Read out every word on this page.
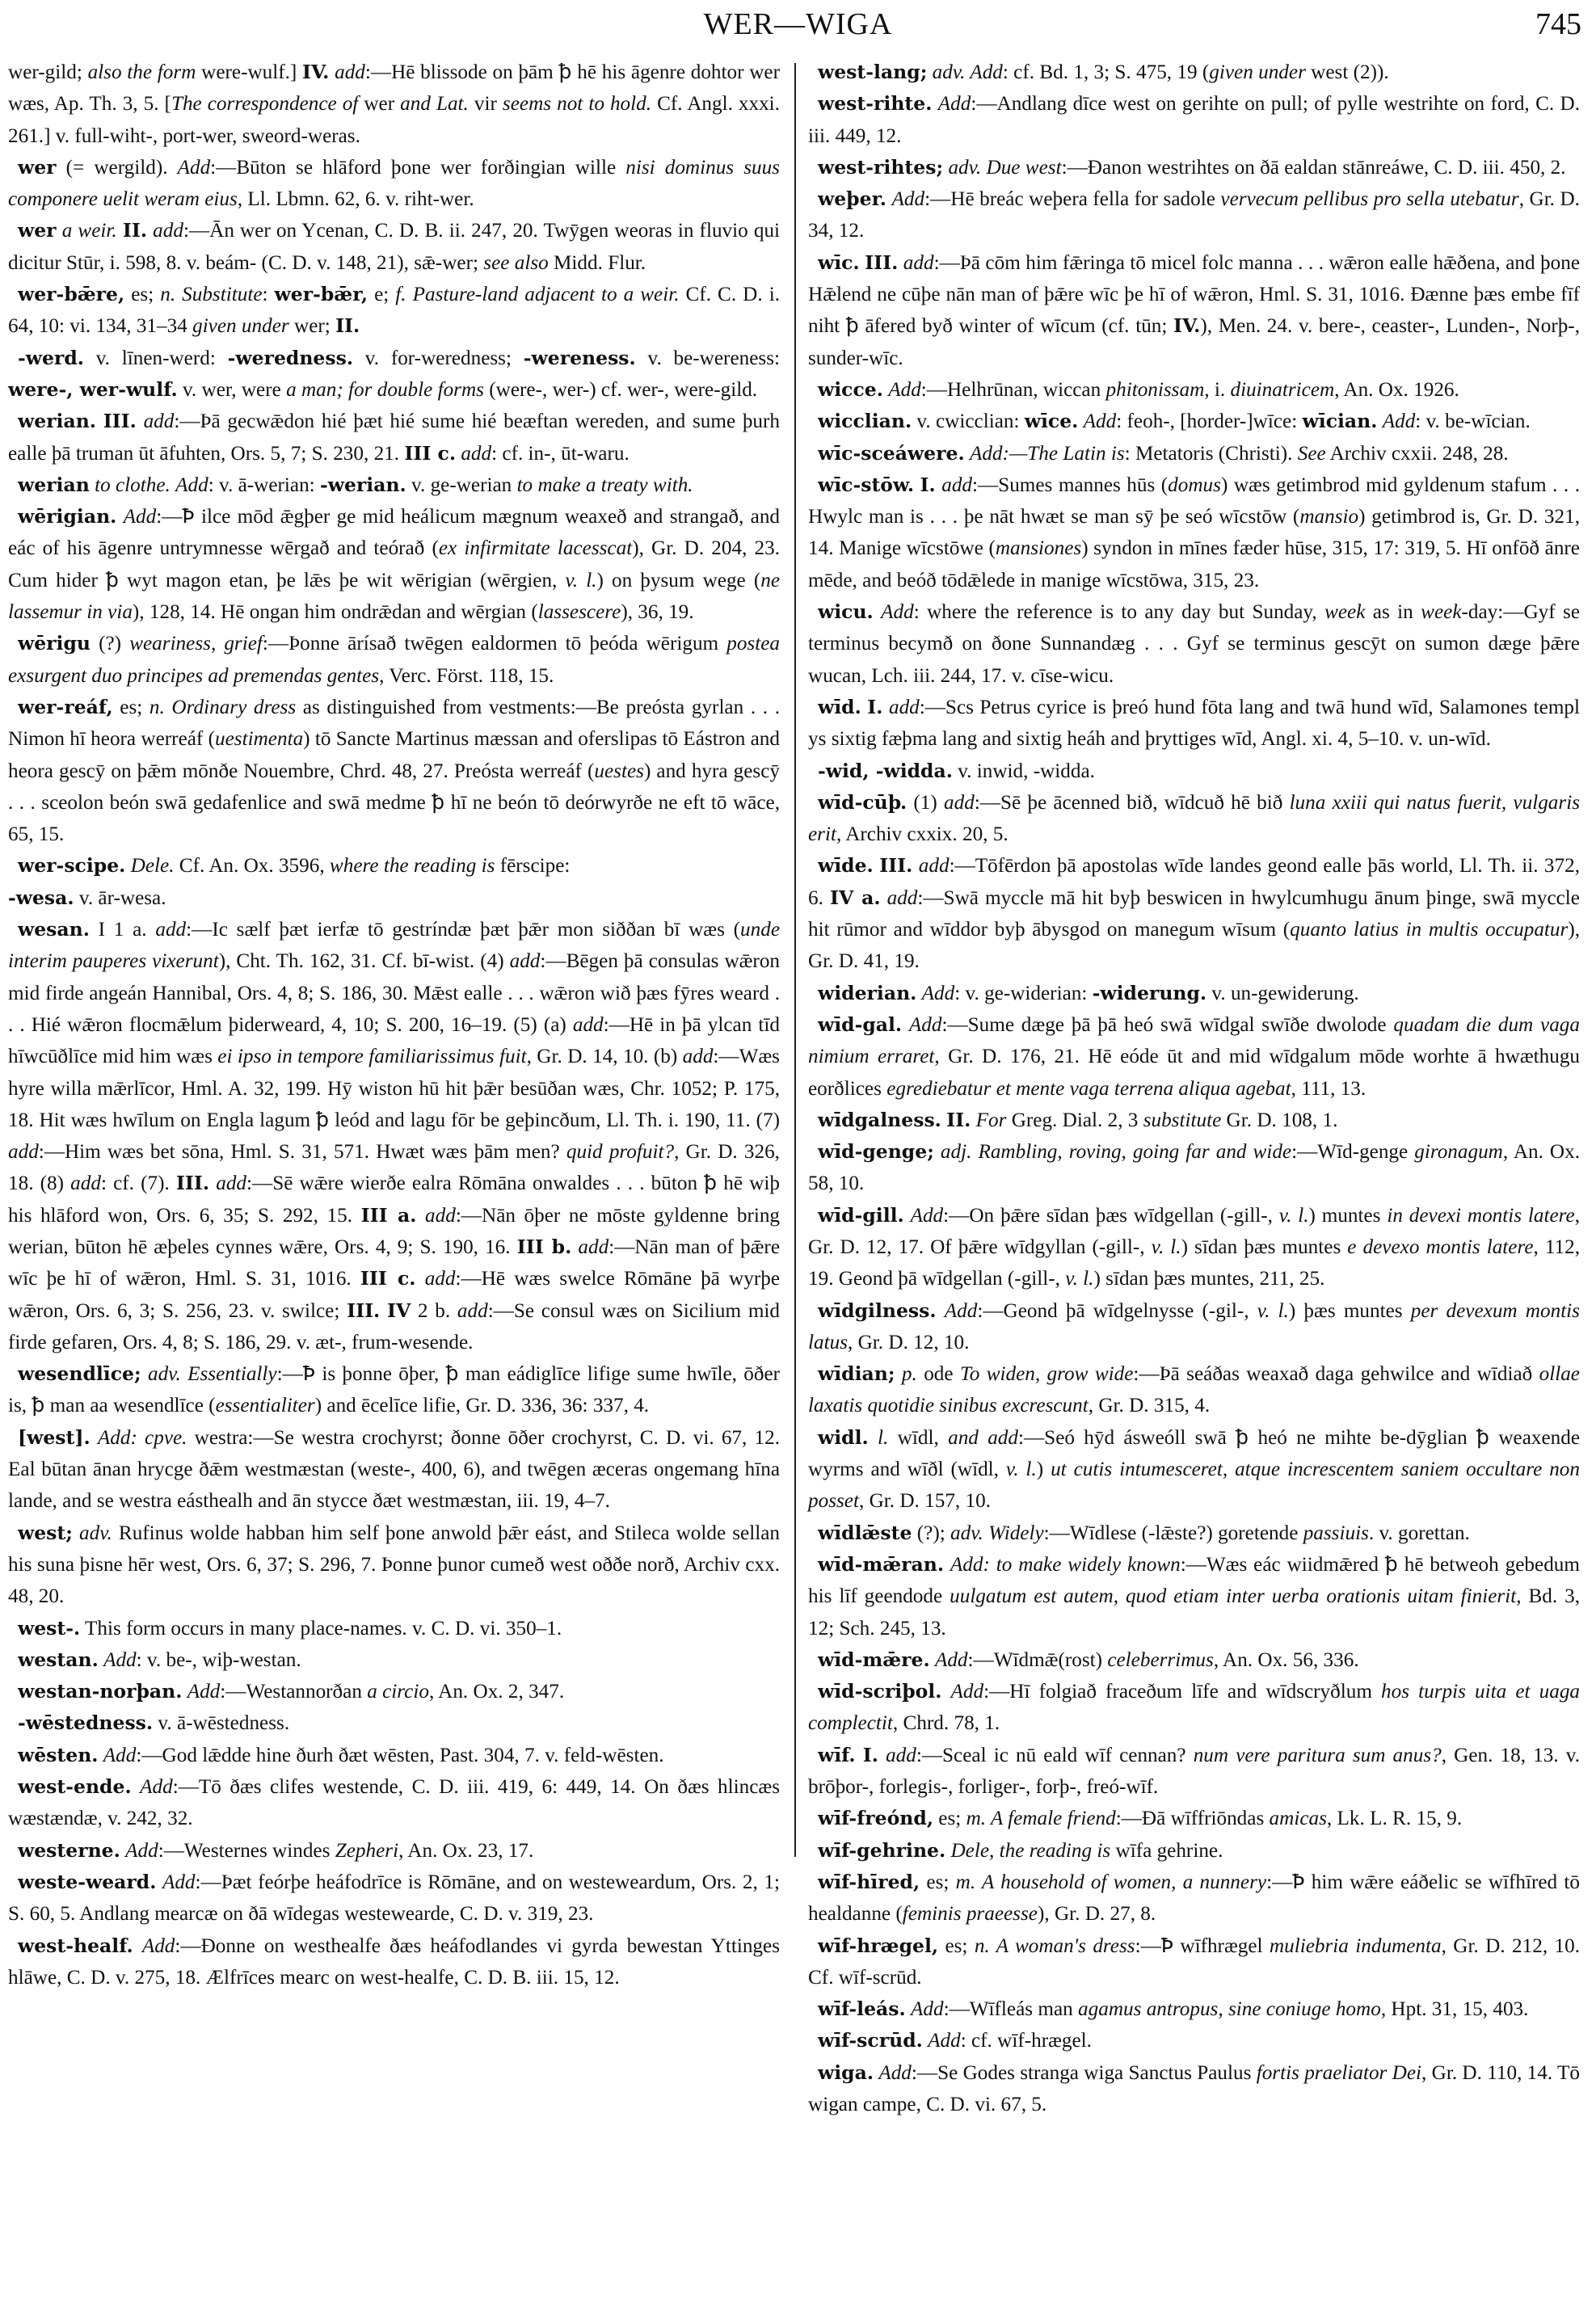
WER—WIGA	745

wer-gild; also the form were-wulf.] IV. add:—Hē blissode on þām ꝥ hē his āgenre dohtor wer wæs, Ap. Th. 3, 5. [The correspondence of wer and Lat. vir seems not to hold. Cf. Angl. xxxi. 261.] v. full-wiht-, port-wer, sweord-weras.

wer (= wergild). Add:—Būton se hlāford þone wer forðingian wille nisi dominus suus componere uelit weram eius, Ll. Lbmn. 62, 6. v. riht-wer.

wer a weir. II. add:—Ān wer on Ycenan, C. D. B. ii. 247, 20. Twȳgen weoras in fluvio qui dicitur Stūr, i. 598, 8. v. beám- (C. D. v. 148, 21), sǣ-wer; see also Midd. Flur.

wer-bǣre, es; n. Substitute: wer-bǣr, e; f. Pasture-land adjacent to a weir. Cf. C. D. i. 64, 10: vi. 134, 31–34 given under wer; II.

-werd. v. līnen-werd: -weredness. v. for-weredness; -wereness. v. be-wereness: were-, wer-wulf. v. wer, were a man; for double forms (were-, wer-) cf. wer-, were-gild.

werian. III. add:—Þā gecwǣdon hié þæt hié sume hié beæftan wereden, and sume þurh ealle þā truman ūt āfuhten, Ors. 5, 7; S. 230, 21. III c. add: cf. in-, ūt-waru.

werian to clothe. Add: v. ā-werian: -werian. v. ge-werian to make a treaty with.

wērigian. Add:—Ꝥ ilce mōd ǣgþer ge mid heálicum mægnum weaxeð and strangað, and eác of his āgenre untrymnesse wērgað and teórað (ex infirmitate lacesscat), Gr. D. 204, 23. Cum hider ꝥ wyt magon etan, þe lǣs þe wit wērigian (wērgien, v. l.) on þysum wege (ne lassemur in via), 128, 14. Hē ongan him ondrǣdan and wērgian (lassescere), 36, 19.

wērigu (?) weariness, grief:—Þonne ārísað twēgen ealdormen tō þeóda wērigum postea exsurgent duo principes ad premendas gentes, Verc. Först. 118, 15.

wer-reáf, es; n. Ordinary dress as distinguished from vestments:—Be preósta gyrlan . . . Nimon hī heora werreáf (uestimenta) tō Sancte Martinus mæssan and oferslipas tō Eástron and heora gescȳ on þǣm mōnðe Nouembre, Chrd. 48, 27. Preósta werreáf (uestes) and hyra gescȳ . . . sceolon beón swā gedafenlice and swā medme ꝥ hī ne beón tō deórwyrðe ne eft tō wāce, 65, 15.

wer-scipe. Dele. Cf. An. Ox. 3596, where the reading is fērscipe:

-wesa. v. ār-wesa.

wesan. I 1 a. add:—Ic sælf þæt ierfæ tō gestríndæ þæt þǣr mon siððan bī wæs (unde interim pauperes vixerunt), Cht. Th. 162, 31. Cf. bī-wist. (4) add:—Bēgen þā consulas wǣron mid firde angeán Hannibal, Ors. 4, 8; S. 186, 30. Mǣst ealle . . . wǣron wið þæs fȳres weard . . . Hié wǣron flocmǣlum þiderweard, 4, 10; S. 200, 16–19. (5) (a) add:—Hē in þā ylcan tīd hīwcūðlīce mid him wæs ei ipso in tempore familiarissimus fuit, Gr. D. 14, 10. (b) add:—Wæs hyre willa mǣrlīcor, Hml. A. 32, 199. Hȳ wiston hū hit þǣr besūðan wæs, Chr. 1052; P. 175, 18. Hit wæs hwīlum on Engla lagum ꝥ leód and lagu fōr be geþincðum, Ll. Th. i. 190, 11. (7) add:—Him wæs bet sōna, Hml. S. 31, 571. Hwæt wæs þām men? quid profuit?, Gr. D. 326, 18. (8) add: cf. (7). III. add:—Sē wǣre wierðe ealra Rōmāna onwaldes . . . būton ꝥ hē wiþ his hlāford won, Ors. 6, 35; S. 292, 15. III a. add:—Nān ōþer ne mōste gyldenne bring werian, būton hē æþeles cynnes wǣre, Ors. 4, 9; S. 190, 16. III b. add:—Nān man of þǣre wīc þe hī of wǣron, Hml. S. 31, 1016. III c. add:—Hē wæs swelce Rōmāne þā wyrþe wǣron, Ors. 6, 3; S. 256, 23. v. swilce; III. IV 2 b. add:—Se consul wæs on Sicilium mid firde gefaren, Ors. 4, 8; S. 186, 29. v. æt-, frum-wesende.

wesendlīce; adv. Essentially:—Ꝥ is þonne ōþer, ꝥ man eádiglīce lifige sume hwīle, ōðer is, ꝥ man aa wesendlīce (essentialiter) and ēcelīce lifie, Gr. D. 336, 36: 337, 4.

[west]. Add: cpve. westra:—Se westra crochyrst; ðonne ōðer crochyrst, C. D. vi. 67, 12. Eal būtan ānan hrycge ðǣm westmæstan (weste-, 400, 6), and twēgen æceras ongemang hīna lande, and se westra eásthealh and ān stycce ðæt westmæstan, iii. 19, 4–7.

west; adv. Rufinus wolde habban him self þone anwold þǣr eást, and Stileca wolde sellan his suna þisne hēr west, Ors. 6, 37; S. 296, 7. Þonne þunor cumeð west oððe norð, Archiv cxx. 48, 20.

west-. This form occurs in many place-names. v. C. D. vi. 350–1.

westan. Add: v. be-, wiþ-westan.

westan-norþan. Add:—Westannorðan a circio, An. Ox. 2, 347.

-wēstedness. v. ā-wēstedness.

wēsten. Add:—God lǣdde hine ðurh ðæt wēsten, Past. 304, 7. v. feld-wēsten.

west-ende. Add:—Tō ðæs clifes westende, C. D. iii. 419, 6: 449, 14. On ðæs hlincæs wæstændæ, v. 242, 32.

westerne. Add:—Westernes windes Zepheri, An. Ox. 23, 17.

weste-weard. Add:—Þæt feórþe heáfodrīce is Rōmāne, and on westeweardum, Ors. 2, 1; S. 60, 5. Andlang mearcæ on ðā wīdegas westewearde, C. D. v. 319, 23.

west-healf. Add:—Ðonne on westhealfe ðæs heáfodlandes vi gyrda bewestan Yttinges hlāwe, C. D. v. 275, 18. Ælfrīces mearc on west-healfe, C. D. B. iii. 15, 12.

west-lang; adv. Add: cf. Bd. 1, 3; S. 475, 19 (given under west (2)).

west-rihte. Add:—Andlang dīce west on gerihte on pull; of pylle westrihte on ford, C. D. iii. 449, 12.

west-rihtes; adv. Due west:—Ðanon westrihtes on ðā ealdan stānreáwe, C. D. iii. 450, 2.

weþer. Add:—Hē breác weþera fella for sadole vervecum pellibus pro sella utebatur, Gr. D. 34, 12.

wīc. III. add:—Þā cōm him fǣringa tō micel folc manna . . . wǣron ealle hǣðena, and þone Hǣlend ne cūþe nān man of þǣre wīc þe hī of wǣron, Hml. S. 31, 1016. Ðænne þæs embe fīf niht ꝥ āfered byð winter of wīcum (cf. tūn; IV.), Men. 24. v. bere-, ceaster-, Lunden-, Norþ-, sunder-wīc.

wicce. Add:—Helhrūnan, wiccan phitonissam, i. diuinatricem, An. Ox. 1926.

wicclian. v. cwicclian: wīce. Add: feoh-, [horder-]wīce: wīcian. Add: v. be-wīcian.

wīc-sceáwere. Add:—The Latin is: Metatoris (Christi). See Archiv cxxii. 248, 28.

wīc-stōw. I. add:—Sumes mannes hūs (domus) wæs getimbrod mid gyldenum stafum . . . Hwylc man is . . . þe nāt hwæt se man sȳ þe seó wīcstōw (mansio) getimbrod is, Gr. D. 321, 14. Manige wīcstōwe (mansiones) syndon in mīnes fæder hūse, 315, 17: 319, 5. Hī onfōð ānre mēde, and beóð tōdǣlede in manige wīcstōwa, 315, 23.

wicu. Add: where the reference is to any day but Sunday, week as in week-day:—Gyf se terminus becymð on ðone Sunnandæg . . . Gyf se terminus gescȳt on sumon dæge þǣre wucan, Lch. iii. 244, 17. v. cīse-wicu.

wīd. I. add:—Scs Petrus cyrice is þreó hund fōta lang and twā hund wīd, Salamones templ ys sixtig fæþma lang and sixtig heáh and þryttiges wīd, Angl. xi. 4, 5–10. v. un-wīd.

-wid, -widda. v. inwid, -widda.

wīd-cūþ. (1) add:—Sē þe ācenned bið, wīdcuð hē bið luna xxiii qui natus fuerit, vulgaris erit, Archiv cxxix. 20, 5.

wīde. III. add:—Tōfērdon þā apostolas wīde landes geond ealle þās world, Ll. Th. ii. 372, 6. IV a. add:—Swā myccle mā hit byþ beswicen in hwylcumhugu ānum þinge, swā myccle hit rūmor and wīddor byþ ābysgod on manegum wīsum (quanto latius in multis occupatur), Gr. D. 41, 19.

widerian. Add: v. ge-widerian: -widerung. v. un-gewiderung.

wīd-gal. Add:—Sume dæge þā þā heó swā wīdgal swīðe dwolode quadam die dum vaga nimium erraret, Gr. D. 176, 21. Hē eóde ūt and mid wīdgalum mōde worhte ā hwæthugu eorðlices egrediebatur et mente vaga terrena aliqua agebat, 111, 13.

wīdgalness. II. For Greg. Dial. 2, 3 substitute Gr. D. 108, 1.

wīd-genge; adj. Rambling, roving, going far and wide:—Wīd-genge gironagum, An. Ox. 58, 10.

wīd-gill. Add:—On þǣre sīdan þæs wīdgellan (-gill-, v. l.) muntes in devexi montis latere, Gr. D. 12, 17. Of þǣre wīdgyllan (-gill-, v. l.) sīdan þæs muntes e devexo montis latere, 112, 19. Geond þā wīdgellan (-gill-, v. l.) sīdan þæs muntes, 211, 25.

wīdgilness. Add:—Geond þā wīdgelnysse (-gil-, v. l.) þæs muntes per devexum montis latus, Gr. D. 12, 10.

wīdian; p. ode To widen, grow wide:—Þā seáðas weaxað daga gehwilce and wīdiað ollae laxatis quotidie sinibus excrescunt, Gr. D. 315, 4.

widl. l. wīdl, and add:—Seó hȳd ásweóll swā ꝥ heó ne mihte be-dȳglian ꝥ weaxende wyrms and wīðl (wīdl, v. l.) ut cutis intumesceret, atque increscentem saniem occultare non posset, Gr. D. 157, 10.

wīdlǣste (?); adv. Widely:—Wīdlese (-lǣste?) goretende passiuis. v. gorettan.

wīd-mǣran. Add: to make widely known:—Wæs eác wiidmǣred ꝥ hē betweoh gebedum his līf geendode uulgatum est autem, quod etiam inter uerba orationis uitam finierit, Bd. 3, 12; Sch. 245, 13.

wīd-mǣre. Add:—Wīdmǣ(rost) celeberrimus, An. Ox. 56, 336.

wīd-scriþol. Add:—Hī folgiað fraceðum līfe and wīdscryðlum hos turpis uita et uaga complectit, Chrd. 78, 1.

wīf. I. add:—Sceal ic nū eald wīf cennan? num vere paritura sum anus?, Gen. 18, 13. v. brōþor-, forlegis-, forliger-, forþ-, freó-wīf.

wīf-freónd, es; m. A female friend:—Ðā wīffriōndas amicas, Lk. L. R. 15, 9.

wīf-gehrine. Dele, the reading is wīfa gehrine.

wīf-hīred, es; m. A household of women, a nunnery:—Ꝥ him wǣre eáðelic se wīfhīred tō healdanne (feminis praeesse), Gr. D. 27, 8.

wīf-hrægel, es; n. A woman's dress:—Ꝥ wīfhrægel muliebria indumenta, Gr. D. 212, 10. Cf. wīf-scrūd.

wīf-leás. Add:—Wīfleás man agamus antropus, sine coniuge homo, Hpt. 31, 15, 403.

wīf-scrūd. Add: cf. wīf-hrægel.

wiga. Add:—Se Godes stranga wiga Sanctus Paulus fortis praeliator Dei, Gr. D. 110, 14. Tō wigan campe, C. D. vi. 67, 5.
